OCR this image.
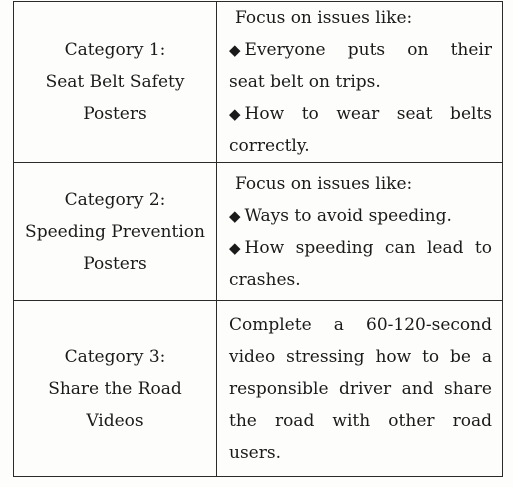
Category 1:
Seat Belt Safety
Posters	Focus on issues like:
◆ Everyone puts on their
seat belt on trips.
◆ How to wear seat belts
correctly.

Category 2:
Speeding Prevention
Posters	Focus on issues like:
◆ Ways to avoid speeding.
◆ How speeding can lead to
crashes.

Category 3:
Share the Road
Videos	Complete a 60-120-second
video stressing how to be a
responsible driver and share
the road with other road
users.
